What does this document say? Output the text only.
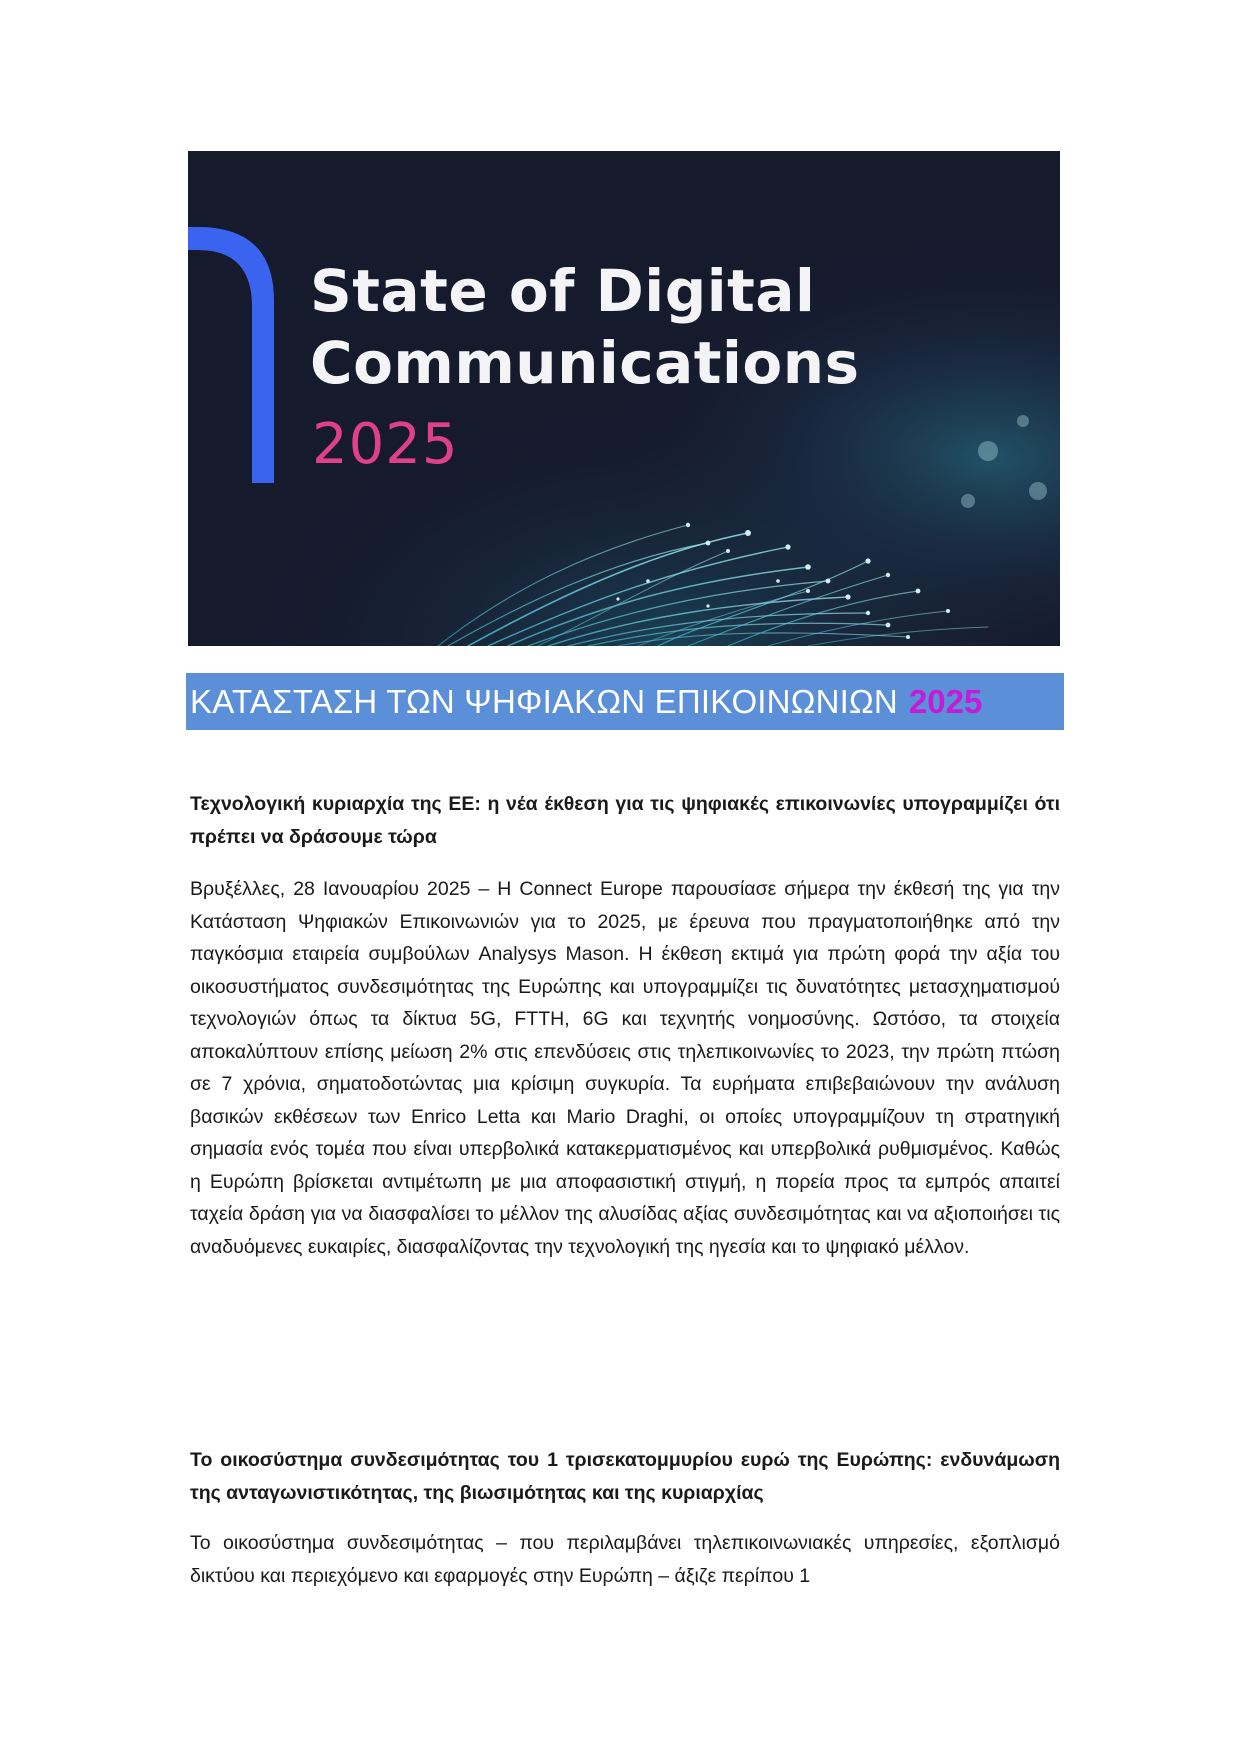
State of Digital
Communications
2025
ΚΑΤΑΣΤΑΣΗ ΤΩΝ ΨΗΦΙΑΚΩΝ ΕΠΙΚΟΙΝΩΝΙΩΝ 2025

Τεχνολογική κυριαρχία της ΕΕ: η νέα έκθεση για τις ψηφιακές επικοινωνίες υπογραμμίζει ότι πρέπει να δράσουμε τώρα

Βρυξέλλες, 28 Ιανουαρίου 2025 – Η Connect Europe παρουσίασε σήμερα την έκθεσή της για την Κατάσταση Ψηφιακών Επικοινωνιών για το 2025, με έρευνα που πραγματοποιήθηκε από την παγκόσμια εταιρεία συμβούλων Analysys Mason. Η έκθεση εκτιμά για πρώτη φορά την αξία του οικοσυστήματος συνδεσιμότητας της Ευρώπης και υπογραμμίζει τις δυνατότητες μετασχηματισμού τεχνολογιών όπως τα δίκτυα 5G, FTTH, 6G και τεχνητής νοημοσύνης. Ωστόσο, τα στοιχεία αποκαλύπτουν επίσης μείωση 2% στις επενδύσεις στις τηλεπικοινωνίες το 2023, την πρώτη πτώση σε 7 χρόνια, σηματοδοτώντας μια κρίσιμη συγκυρία. Τα ευρήματα επιβεβαιώνουν την ανάλυση βασικών εκθέσεων των Enrico Letta και Mario Draghi, οι οποίες υπογραμμίζουν τη στρατηγική σημασία ενός τομέα που είναι υπερβολικά κατακερματισμένος και υπερβολικά ρυθμισμένος. Καθώς η Ευρώπη βρίσκεται αντιμέτωπη με μια αποφασιστική στιγμή, η πορεία προς τα εμπρός απαιτεί ταχεία δράση για να διασφαλίσει το μέλλον της αλυσίδας αξίας συνδεσιμότητας και να αξιοποιήσει τις αναδυόμενες ευκαιρίες, διασφαλίζοντας την τεχνολογική της ηγεσία και το ψηφιακό μέλλον.

Το οικοσύστημα συνδεσιμότητας του 1 τρισεκατομμυρίου ευρώ της Ευρώπης: ενδυνάμωση της ανταγωνιστικότητας, της βιωσιμότητας και της κυριαρχίας

Το οικοσύστημα συνδεσιμότητας – που περιλαμβάνει τηλεπικοινωνιακές υπηρεσίες, εξοπλισμό δικτύου και περιεχόμενο και εφαρμογές στην Ευρώπη – άξιζε περίπου 1
